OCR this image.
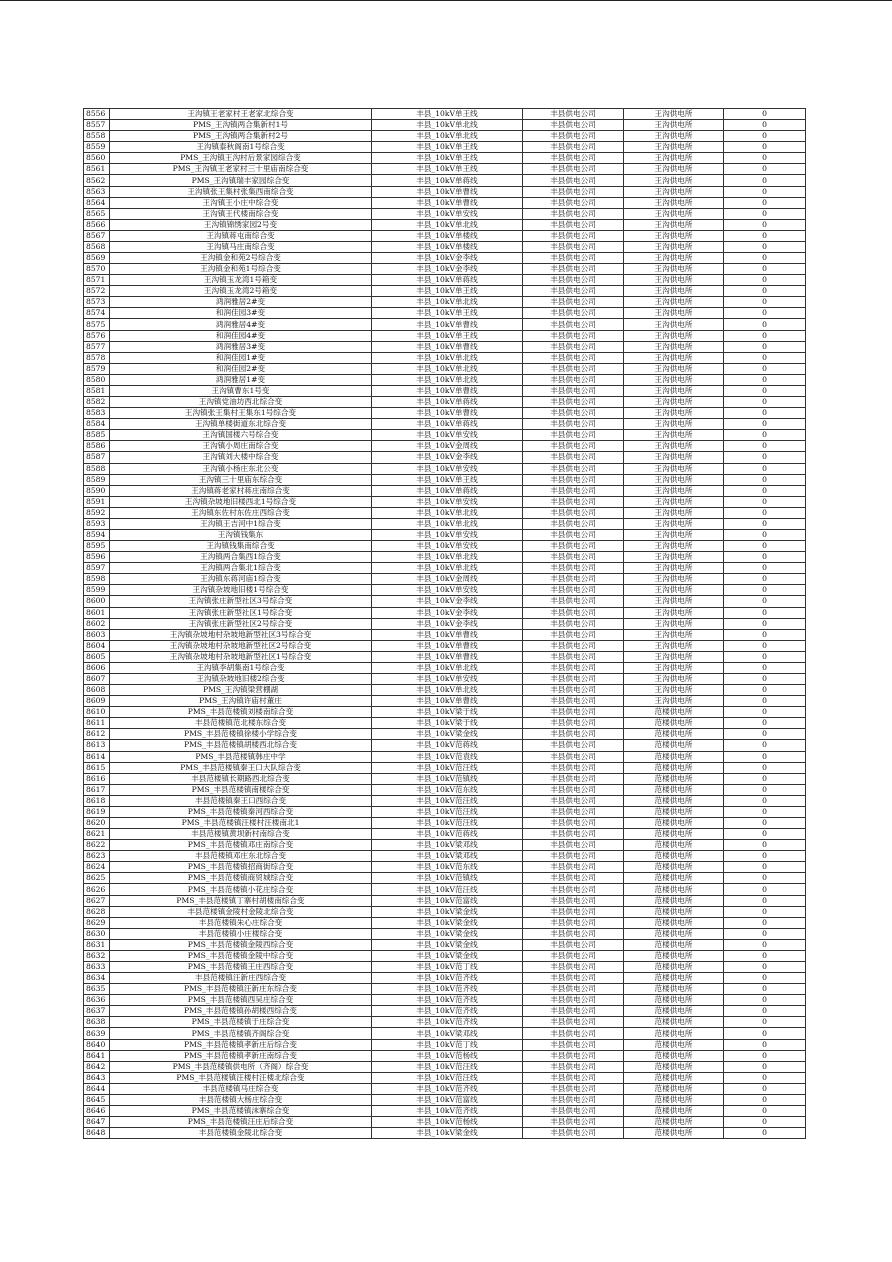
8556	王沟镇王老家村王老家北综合变	丰县_10kV单王线	丰县供电公司	王沟供电所	0
8557	PMS_王沟镇两合集新村1号	丰县_10kV单北线	丰县供电公司	王沟供电所	0
8558	PMS_王沟镇两合集新村2号	丰县_10kV单北线	丰县供电公司	王沟供电所	0
8559	王沟镇泰秋阁南1号综合变	丰县_10kV单王线	丰县供电公司	王沟供电所	0
8560	PMS_王沟镇王沟村后景家园综合变	丰县_10kV单王线	丰县供电公司	王沟供电所	0
8561	PMS_王沟镇王老家村三十里庙南综合变	丰县_10kV单王线	丰县供电公司	王沟供电所	0
8562	PMS_王沟镇瑞丰家园综合变	丰县_10kV单蒋线	丰县供电公司	王沟供电所	0
8563	王沟镇张王集村张集西南综合变	丰县_10kV单曹线	丰县供电公司	王沟供电所	0
8564	王沟镇王小庄中综合变	丰县_10kV单曹线	丰县供电公司	王沟供电所	0
8565	王沟镇王代楼南综合变	丰县_10kV单安线	丰县供电公司	王沟供电所	0
8566	王沟镇锦绣家园2号变	丰县_10kV单北线	丰县供电公司	王沟供电所	0
8567	王沟镇蒋屯南综合变	丰县_10kV单楼线	丰县供电公司	王沟供电所	0
8568	王沟镇马庄南综合变	丰县_10kV单楼线	丰县供电公司	王沟供电所	0
8569	王沟镇金和苑2号综合变	丰县_10kV金李线	丰县供电公司	王沟供电所	0
8570	王沟镇金和苑1号综合变	丰县_10kV金李线	丰县供电公司	王沟供电所	0
8571	王沟镇玉龙湾1号箱变	丰县_10kV单蒋线	丰县供电公司	王沟供电所	0
8572	王沟镇玉龙湾2号箱变	丰县_10kV单王线	丰县供电公司	王沟供电所	0
8573	鸿润雅居2#变	丰县_10kV单北线	丰县供电公司	王沟供电所	0
8574	和润佳园3#变	丰县_10kV单王线	丰县供电公司	王沟供电所	0
8575	鸿润雅居4#变	丰县_10kV单曹线	丰县供电公司	王沟供电所	0
8576	和润佳园4#变	丰县_10kV单王线	丰县供电公司	王沟供电所	0
8577	鸿润雅居3#变	丰县_10kV单曹线	丰县供电公司	王沟供电所	0
8578	和润佳园1#变	丰县_10kV单北线	丰县供电公司	王沟供电所	0
8579	和润佳园2#变	丰县_10kV单北线	丰县供电公司	王沟供电所	0
8580	鸿润雅居1#变	丰县_10kV单北线	丰县供电公司	王沟供电所	0
8581	王沟镇曹东1号变	丰县_10kV单曹线	丰县供电公司	王沟供电所	0
8582	王沟镇党油坊西北综合变	丰县_10kV单蒋线	丰县供电公司	王沟供电所	0
8583	王沟镇张王集村王集东1号综合变	丰县_10kV单曹线	丰县供电公司	王沟供电所	0
8584	王沟镇单楼街道东北综合变	丰县_10kV单蒋线	丰县供电公司	王沟供电所	0
8585	王沟镇国楼六号综合变	丰县_10kV单安线	丰县供电公司	王沟供电所	0
8586	王沟镇小周庄南综合变	丰县_10kV金周线	丰县供电公司	王沟供电所	0
8587	王沟镇刘大楼中综合变	丰县_10kV金李线	丰县供电公司	王沟供电所	0
8588	王沟镇小杨庄东北公变	丰县_10kV单安线	丰县供电公司	王沟供电所	0
8589	王沟镇三十里庙东综合变	丰县_10kV单王线	丰县供电公司	王沟供电所	0
8590	王沟镇蒋老家村蒋庄南综合变	丰县_10kV单蒋线	丰县供电公司	王沟供电所	0
8591	王沟镇杂坡地旧楼西北1号综合变	丰县_10kV单安线	丰县供电公司	王沟供电所	0
8592	王沟镇东佐村东佐庄西综合变	丰县_10kV单北线	丰县供电公司	王沟供电所	0
8593	王沟镇王吉河中1综合变	丰县_10kV单北线	丰县供电公司	王沟供电所	0
8594	王沟镇钱集东	丰县_10kV单安线	丰县供电公司	王沟供电所	0
8595	王沟镇钱集南综合变	丰县_10kV单安线	丰县供电公司	王沟供电所	0
8596	王沟镇两合集西1综合变	丰县_10kV单北线	丰县供电公司	王沟供电所	0
8597	王沟镇两合集北1综合变	丰县_10kV单北线	丰县供电公司	王沟供电所	0
8598	王沟镇东蒋河庙1综合变	丰县_10kV金周线	丰县供电公司	王沟供电所	0
8599	王沟镇杂坡地旧楼1号综合变	丰县_10kV单安线	丰县供电公司	王沟供电所	0
8600	王沟镇张庄新型社区3号综合变	丰县_10kV金李线	丰县供电公司	王沟供电所	0
8601	王沟镇张庄新型社区1号综合变	丰县_10kV金李线	丰县供电公司	王沟供电所	0
8602	王沟镇张庄新型社区2号综合变	丰县_10kV金李线	丰县供电公司	王沟供电所	0
8603	王沟镇杂坡地村杂坡地新型社区3号综合变	丰县_10kV单曹线	丰县供电公司	王沟供电所	0
8604	王沟镇杂坡地村杂坡地新型社区2号综合变	丰县_10kV单曹线	丰县供电公司	王沟供电所	0
8605	王沟镇杂坡地村杂坡地新型社区1号综合变	丰县_10kV单曹线	丰县供电公司	王沟供电所	0
8606	王沟镇李胡集南1号综合变	丰县_10kV单北线	丰县供电公司	王沟供电所	0
8607	王沟镇杂坡地旧楼2综合变	丰县_10kV单安线	丰县供电公司	王沟供电所	0
8608	PMS_王沟镇梁营棚湖	丰县_10kV单北线	丰县供电公司	王沟供电所	0
8609	PMS_王沟镇许庙村董庄	丰县_10kV单曹线	丰县供电公司	王沟供电所	0
8610	PMS_丰县范楼镇刘楼南综合变	丰县_10kV梁于线	丰县供电公司	范楼供电所	0
8611	丰县范楼镇范北楼东综合变	丰县_10kV梁于线	丰县供电公司	范楼供电所	0
8612	PMS_丰县范楼镇徐楼小学综合变	丰县_10kV梁金线	丰县供电公司	范楼供电所	0
8613	PMS_丰县范楼镇胡楼西北综合变	丰县_10kV范蒋线	丰县供电公司	范楼供电所	0
8614	PMS_丰县范楼镇韩庄中学	丰县_10kV范袁线	丰县供电公司	范楼供电所	0
8615	PMS_丰县范楼镇秦王口大队综合变	丰县_10kV范汪线	丰县供电公司	范楼供电所	0
8616	丰县范楼镇长期路西北综合变	丰县_10kV范镇线	丰县供电公司	范楼供电所	0
8617	PMS_丰县范楼镇南楼综合变	丰县_10kV范东线	丰县供电公司	范楼供电所	0
8618	丰县范楼镇秦王口西综合变	丰县_10kV范汪线	丰县供电公司	范楼供电所	0
8619	PMS_丰县范楼镇秦河西综合变	丰县_10kV范汪线	丰县供电公司	范楼供电所	0
8620	PMS_丰县范楼镇汪楼村汪楼南北1	丰县_10kV范汪线	丰县供电公司	范楼供电所	0
8621	丰县范楼镇黄坝新村南综合变	丰县_10kV范蒋线	丰县供电公司	范楼供电所	0
8622	PMS_丰县范楼镇邓庄南综合变	丰县_10kV梁邓线	丰县供电公司	范楼供电所	0
8623	丰县范楼镇邓庄东北综合变	丰县_10kV梁邓线	丰县供电公司	范楼供电所	0
8624	PMS_丰县范楼镇招商街综合变	丰县_10kV范东线	丰县供电公司	范楼供电所	0
8625	PMS_丰县范楼镇商贸城综合变	丰县_10kV范镇线	丰县供电公司	范楼供电所	0
8626	PMS_丰县范楼镇小花庄综合变	丰县_10kV范汪线	丰县供电公司	范楼供电所	0
8627	PMS_丰县范楼镇丁寨村胡楼南综合变	丰县_10kV范富线	丰县供电公司	范楼供电所	0
8628	丰县范楼镇金陵村金陵北综合变	丰县_10kV梁金线	丰县供电公司	范楼供电所	0
8629	丰县范楼镇朱心庄综合变	丰县_10kV梁金线	丰县供电公司	范楼供电所	0
8630	丰县范楼镇小庄楼综合变	丰县_10kV梁金线	丰县供电公司	范楼供电所	0
8631	PMS_丰县范楼镇金陵西综合变	丰县_10kV梁金线	丰县供电公司	范楼供电所	0
8632	PMS_丰县范楼镇金陵中综合变	丰县_10kV梁金线	丰县供电公司	范楼供电所	0
8633	PMS_丰县范楼镇王庄西综合变	丰县_10kV范丁线	丰县供电公司	范楼供电所	0
8634	丰县范楼镇汪新庄西综合变	丰县_10kV范齐线	丰县供电公司	范楼供电所	0
8635	PMS_丰县范楼镇汪新庄东综合变	丰县_10kV范齐线	丰县供电公司	范楼供电所	0
8636	PMS_丰县范楼镇西吴庄综合变	丰县_10kV范齐线	丰县供电公司	范楼供电所	0
8637	PMS_丰县范楼镇孙胡楼西综合变	丰县_10kV范齐线	丰县供电公司	范楼供电所	0
8638	PMS_丰县范楼镇于庄综合变	丰县_10kV范齐线	丰县供电公司	范楼供电所	0
8639	PMS_丰县范楼镇齐阁综合变	丰县_10kV梁邓线	丰县供电公司	范楼供电所	0
8640	PMS_丰县范楼镇孝新庄后综合变	丰县_10kV范丁线	丰县供电公司	范楼供电所	0
8641	PMS_丰县范楼镇孝新庄南综合变	丰县_10kV范杨线	丰县供电公司	范楼供电所	0
8642	PMS_丰县范楼镇供电所（齐阁）综合变	丰县_10kV范汪线	丰县供电公司	范楼供电所	0
8643	PMS_丰县范楼镇汪楼村汪楼北综合变	丰县_10kV范汪线	丰县供电公司	范楼供电所	0
8644	丰县范楼镇马庄综合变	丰县_10kV范齐线	丰县供电公司	范楼供电所	0
8645	丰县范楼镇大杨庄综合变	丰县_10kV范富线	丰县供电公司	范楼供电所	0
8646	PMS_丰县范楼镇沫寨综合变	丰县_10kV范齐线	丰县供电公司	范楼供电所	0
8647	PMS_丰县范楼镇汪庄后综合变	丰县_10kV范杨线	丰县供电公司	范楼供电所	0
8648	丰县范楼镇金陵北综合变	丰县_10kV梁金线	丰县供电公司	范楼供电所	0
